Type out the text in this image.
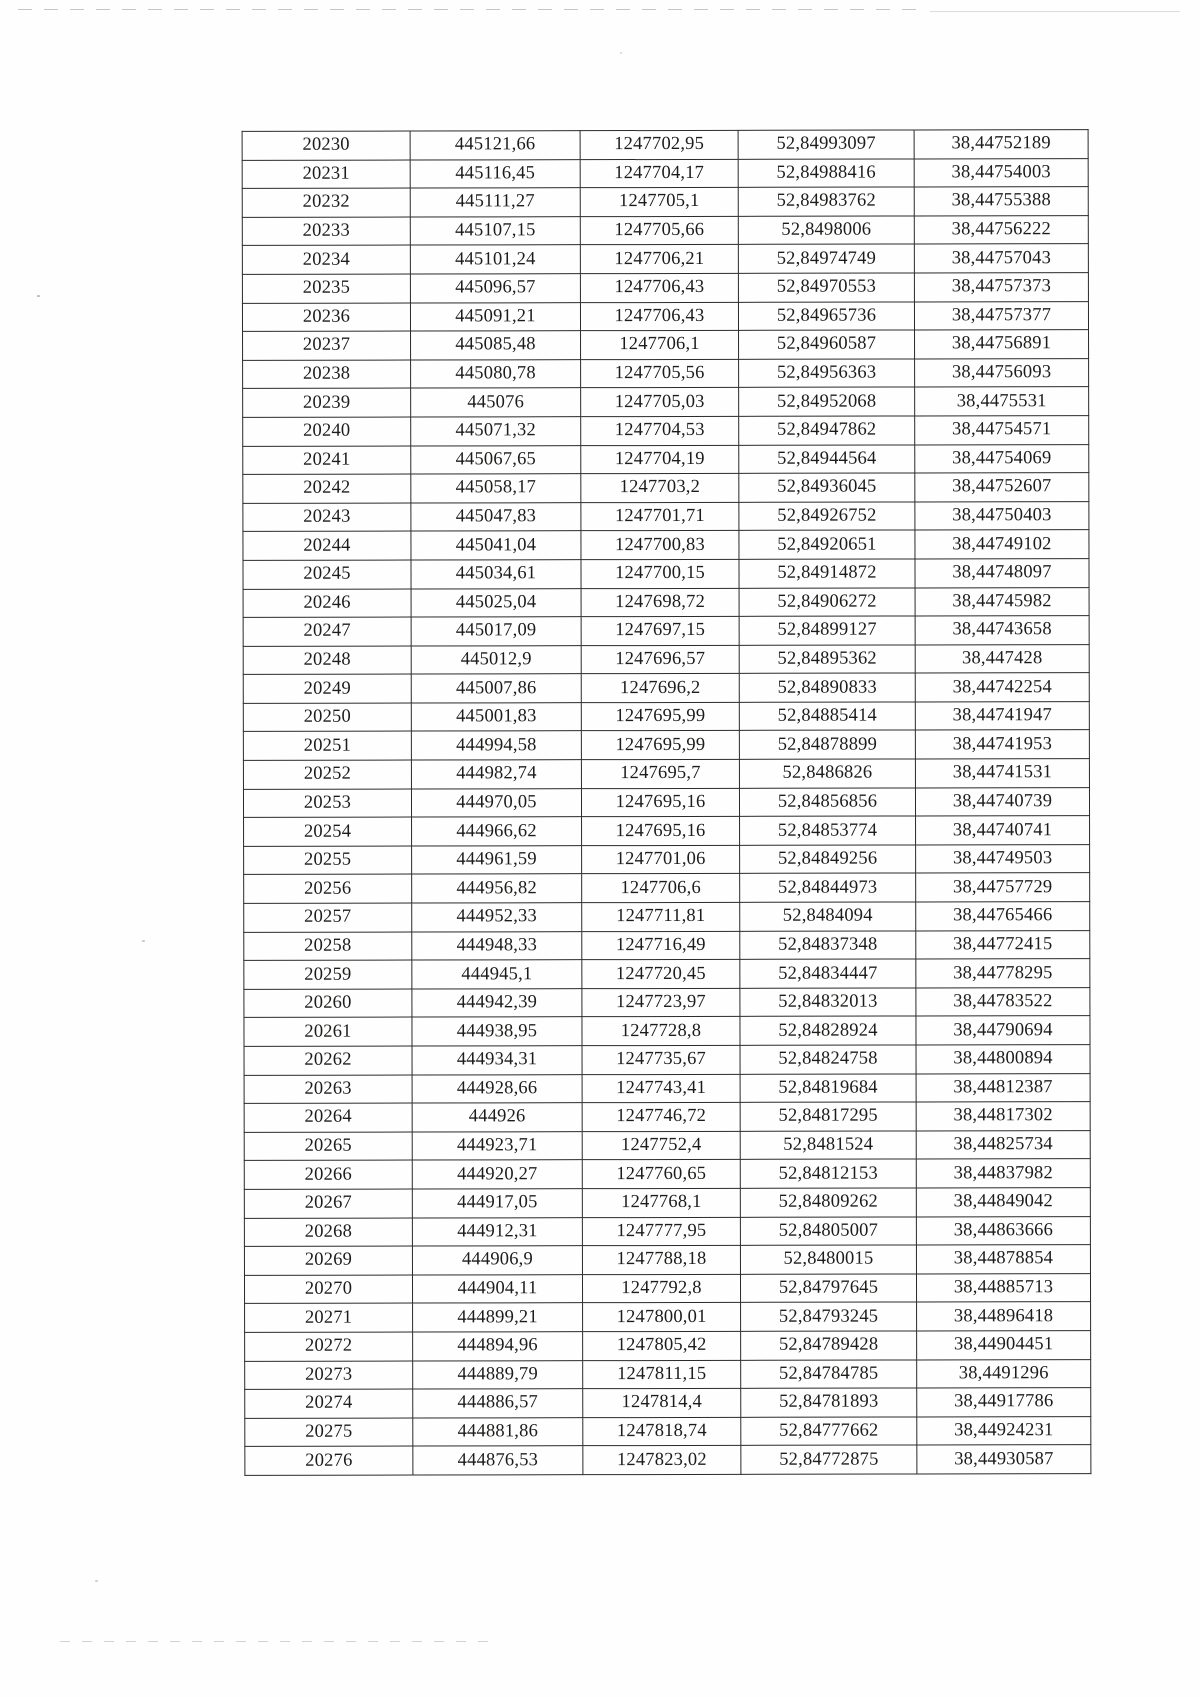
20230	445121,66	1247702,95	52,84993097	38,44752189
20231	445116,45	1247704,17	52,84988416	38,44754003
20232	445111,27	1247705,1	52,84983762	38,44755388
20233	445107,15	1247705,66	52,8498006	38,44756222
20234	445101,24	1247706,21	52,84974749	38,44757043
20235	445096,57	1247706,43	52,84970553	38,44757373
20236	445091,21	1247706,43	52,84965736	38,44757377
20237	445085,48	1247706,1	52,84960587	38,44756891
20238	445080,78	1247705,56	52,84956363	38,44756093
20239	445076	1247705,03	52,84952068	38,4475531
20240	445071,32	1247704,53	52,84947862	38,44754571
20241	445067,65	1247704,19	52,84944564	38,44754069
20242	445058,17	1247703,2	52,84936045	38,44752607
20243	445047,83	1247701,71	52,84926752	38,44750403
20244	445041,04	1247700,83	52,84920651	38,44749102
20245	445034,61	1247700,15	52,84914872	38,44748097
20246	445025,04	1247698,72	52,84906272	38,44745982
20247	445017,09	1247697,15	52,84899127	38,44743658
20248	445012,9	1247696,57	52,84895362	38,447428
20249	445007,86	1247696,2	52,84890833	38,44742254
20250	445001,83	1247695,99	52,84885414	38,44741947
20251	444994,58	1247695,99	52,84878899	38,44741953
20252	444982,74	1247695,7	52,8486826	38,44741531
20253	444970,05	1247695,16	52,84856856	38,44740739
20254	444966,62	1247695,16	52,84853774	38,44740741
20255	444961,59	1247701,06	52,84849256	38,44749503
20256	444956,82	1247706,6	52,84844973	38,44757729
20257	444952,33	1247711,81	52,8484094	38,44765466
20258	444948,33	1247716,49	52,84837348	38,44772415
20259	444945,1	1247720,45	52,84834447	38,44778295
20260	444942,39	1247723,97	52,84832013	38,44783522
20261	444938,95	1247728,8	52,84828924	38,44790694
20262	444934,31	1247735,67	52,84824758	38,44800894
20263	444928,66	1247743,41	52,84819684	38,44812387
20264	444926	1247746,72	52,84817295	38,44817302
20265	444923,71	1247752,4	52,8481524	38,44825734
20266	444920,27	1247760,65	52,84812153	38,44837982
20267	444917,05	1247768,1	52,84809262	38,44849042
20268	444912,31	1247777,95	52,84805007	38,44863666
20269	444906,9	1247788,18	52,8480015	38,44878854
20270	444904,11	1247792,8	52,84797645	38,44885713
20271	444899,21	1247800,01	52,84793245	38,44896418
20272	444894,96	1247805,42	52,84789428	38,44904451
20273	444889,79	1247811,15	52,84784785	38,4491296
20274	444886,57	1247814,4	52,84781893	38,44917786
20275	444881,86	1247818,74	52,84777662	38,44924231
20276	444876,53	1247823,02	52,84772875	38,44930587
